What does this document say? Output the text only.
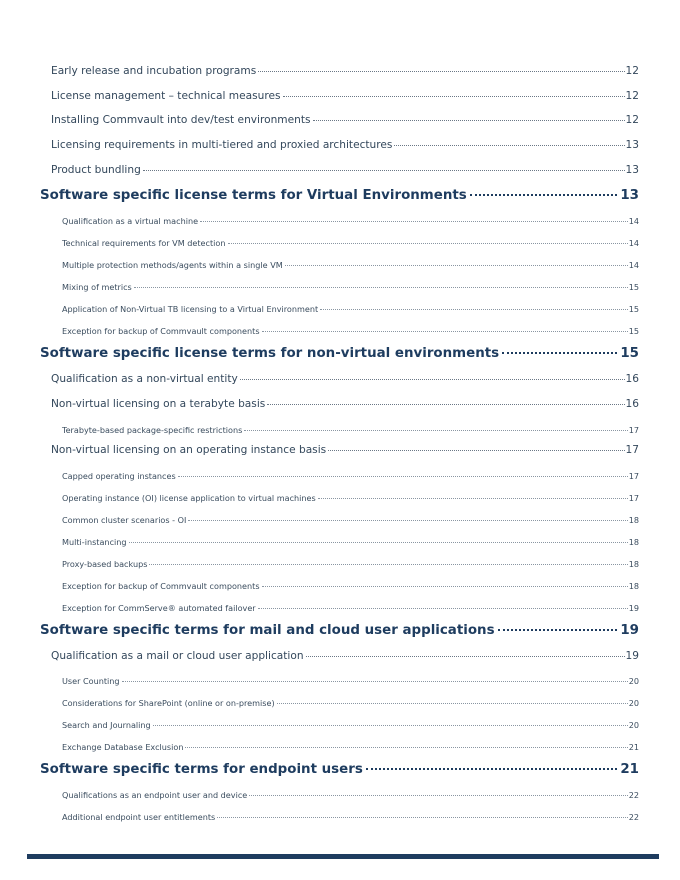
Early release and incubation programs	12
License management – technical measures	12
Installing Commvault into dev/test environments	12
Licensing requirements in multi-tiered and proxied architectures	13
Product bundling	13
Software specific license terms for Virtual Environments	13
Qualification as a virtual machine	14
Technical requirements for VM detection	14
Multiple protection methods/agents within a single VM	14
Mixing of metrics	15
Application of Non-Virtual TB licensing to a Virtual Environment	15
Exception for backup of Commvault components	15
Software specific license terms for non-virtual environments	15
Qualification as a non-virtual entity	16
Non-virtual licensing on a terabyte basis	16
Terabyte-based package-specific restrictions	17
Non-virtual licensing on an operating instance basis	17
Capped operating instances	17
Operating instance (OI) license application to virtual machines	17
Common cluster scenarios - OI	18
Multi-instancing	18
Proxy-based backups	18
Exception for backup of Commvault components	18
Exception for CommServe® automated failover	19
Software specific terms for mail and cloud user applications	19
Qualification as a mail or cloud user application	19
User Counting	20
Considerations for SharePoint (online or on-premise)	20
Search and Journaling	20
Exchange Database Exclusion	21
Software specific terms for endpoint users	21
Qualifications as an endpoint user and device	22
Additional endpoint user entitlements	22
